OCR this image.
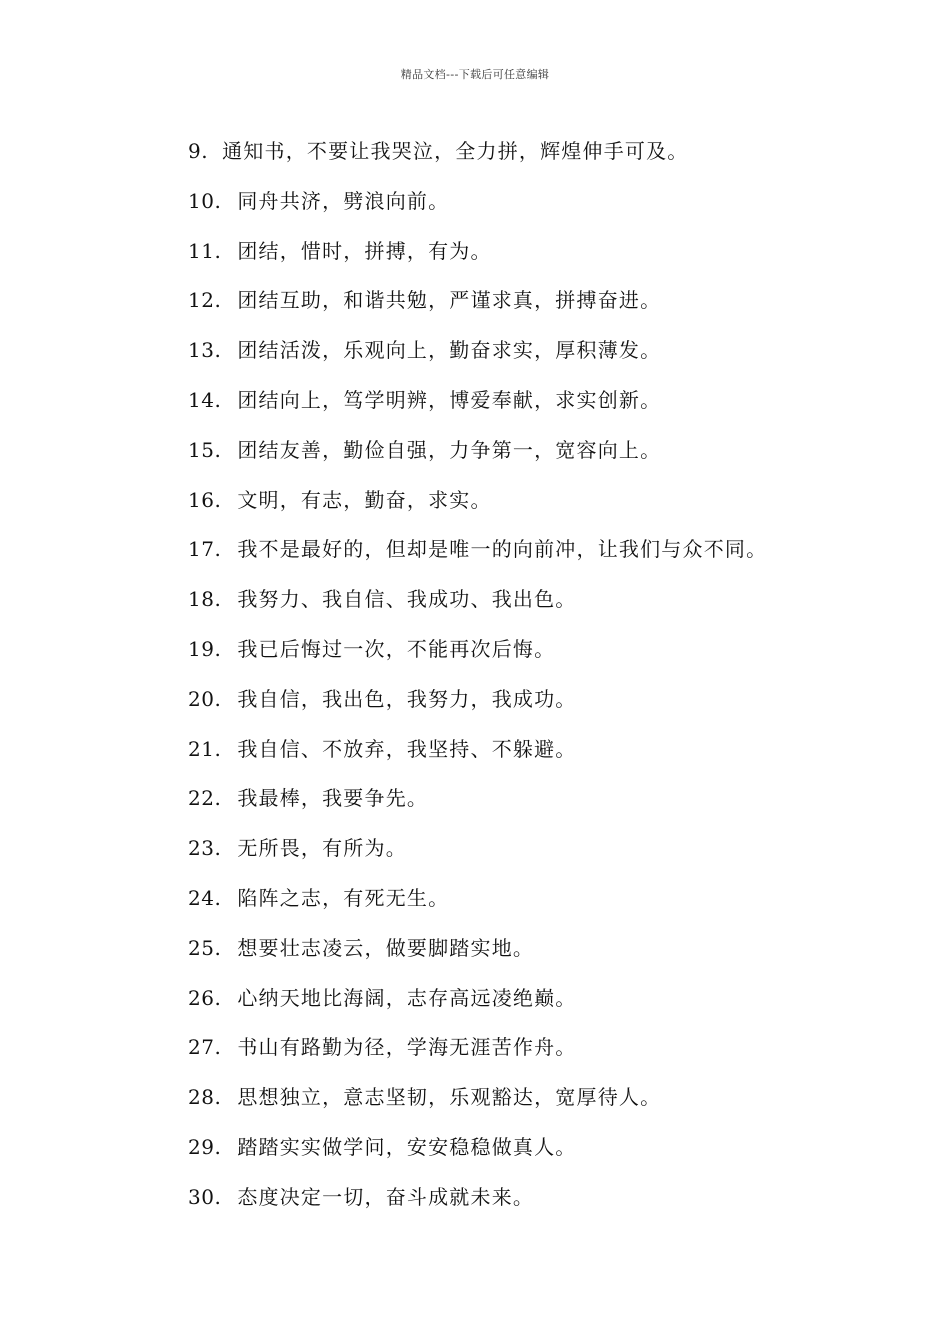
精品文档---下载后可任意编辑
9. 通知书，不要让我哭泣，全力拼，辉煌伸手可及。
10. 同舟共济，劈浪向前。
11. 团结，惜时，拼搏，有为。
12. 团结互助，和谐共勉，严谨求真，拼搏奋进。
13. 团结活泼，乐观向上，勤奋求实，厚积薄发。
14. 团结向上，笃学明辨，博爱奉献，求实创新。
15. 团结友善，勤俭自强，力争第一，宽容向上。
16. 文明，有志，勤奋，求实。
17. 我不是最好的，但却是唯一的向前冲，让我们与众不同。
18. 我努力、我自信、我成功、我出色。
19. 我已后悔过一次，不能再次后悔。
20. 我自信，我出色，我努力，我成功。
21. 我自信、不放弃，我坚持、不躲避。
22. 我最棒，我要争先。
23. 无所畏，有所为。
24. 陷阵之志，有死无生。
25. 想要壮志凌云，做要脚踏实地。
26. 心纳天地比海阔，志存高远凌绝巅。
27. 书山有路勤为径，学海无涯苦作舟。
28. 思想独立，意志坚韧，乐观豁达，宽厚待人。
29. 踏踏实实做学问，安安稳稳做真人。
30. 态度决定一切，奋斗成就未来。
